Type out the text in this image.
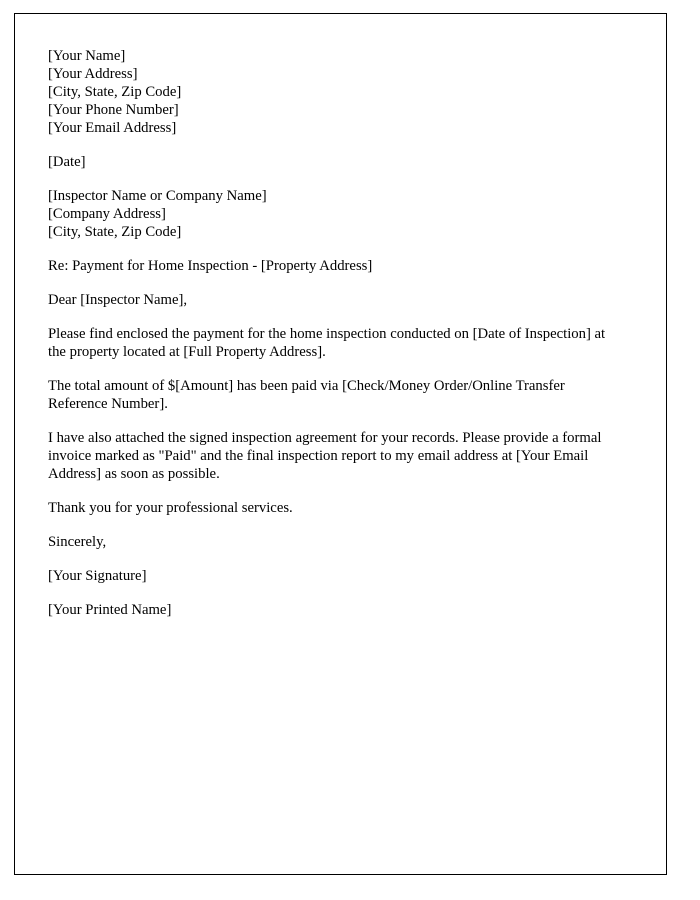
[Your Name]
[Your Address]
[City, State, Zip Code]
[Your Phone Number]
[Your Email Address]

[Date]

[Inspector Name or Company Name]
[Company Address]
[City, State, Zip Code]

Re: Payment for Home Inspection - [Property Address]

Dear [Inspector Name],

Please find enclosed the payment for the home inspection conducted on [Date of Inspection] at the property located at [Full Property Address].

The total amount of $[Amount] has been paid via [Check/Money Order/Online Transfer Reference Number].

I have also attached the signed inspection agreement for your records. Please provide a formal invoice marked as "Paid" and the final inspection report to my email address at [Your Email Address] as soon as possible.

Thank you for your professional services.

Sincerely,

[Your Signature]

[Your Printed Name]
